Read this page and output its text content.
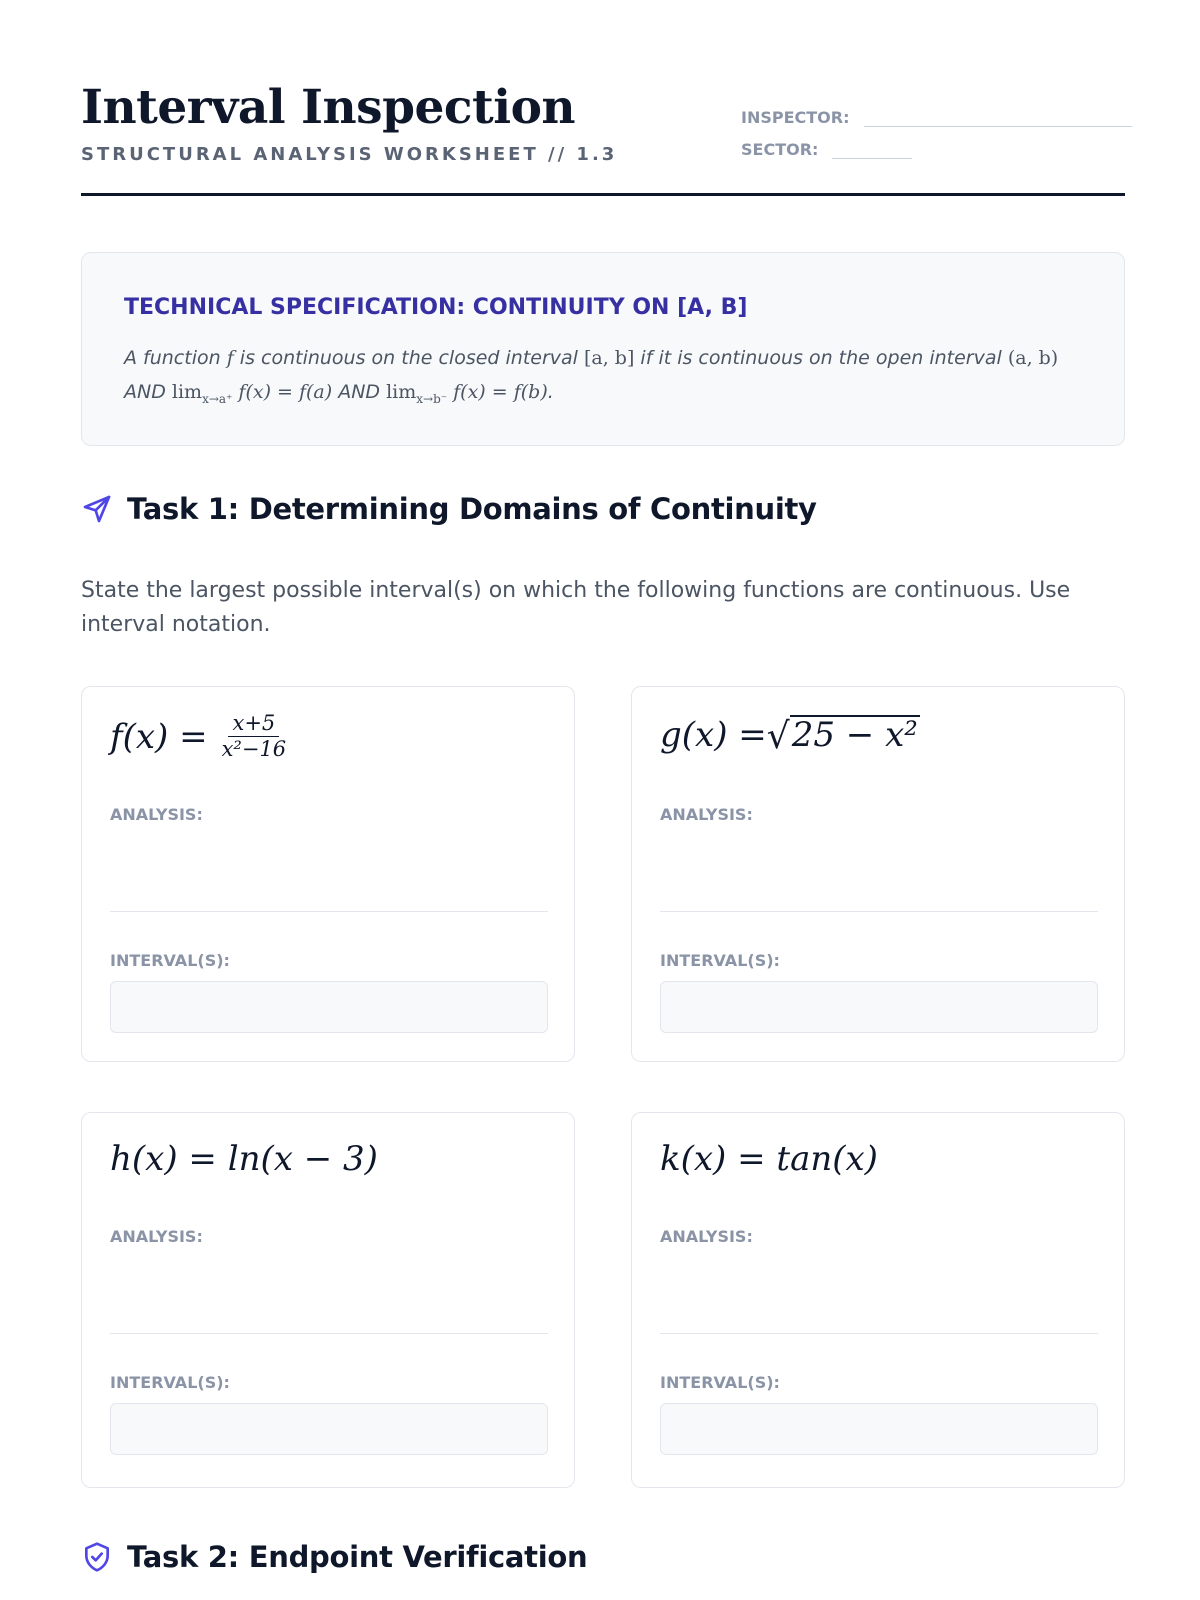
Interval Inspection
STRUCTURAL ANALYSIS WORKSHEET // 1.3
INSPECTOR:
SECTOR:
TECHNICAL SPECIFICATION: CONTINUITY ON [A, B]
A function f is continuous on the closed interval [a, b] if it is continuous on the open interval (a, b)
AND $\lim_{x\to a^+} f(x) = f(a)$ AND $\lim_{x\to b^-} f(x) = f(b)$.
Task 1: Determining Domains of Continuity
State the largest possible interval(s) on which the following functions are continuous. Use interval notation.
$f(x) = \frac{x+5}{\text{x²−16}}$
ANALYSIS:
INTERVAL(S):
g(x) = √ 25 − x²
ANALYSIS:
INTERVAL(S):
h(x) = ln(x − 3)
ANALYSIS:
INTERVAL(S):
k(x) = tan(x)
ANALYSIS:
INTERVAL(S):
Task 2: Endpoint Verification
